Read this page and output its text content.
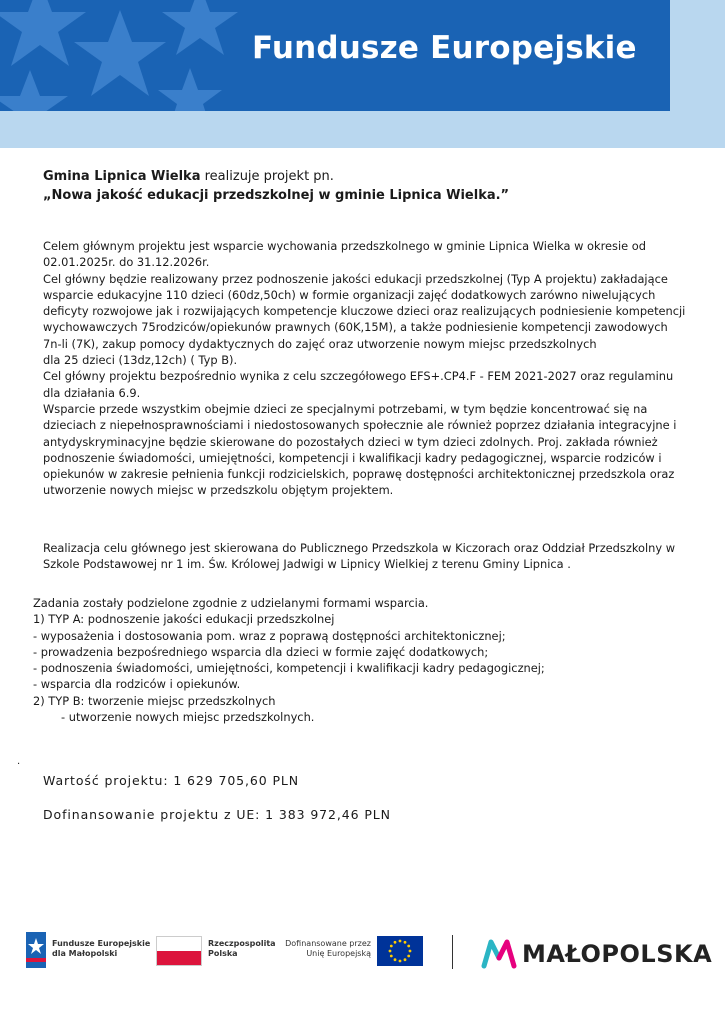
Fundusze Europejskie
Gmina Lipnica Wielka realizuje projekt pn.
„Nowa jakość edukacji przedszkolnej w gminie Lipnica Wielka.”
Celem głównym projektu jest wsparcie wychowania przedszkolnego w gminie Lipnica Wielka w okresie od
02.01.2025r. do 31.12.2026r.
Cel główny będzie realizowany przez podnoszenie jakości edukacji przedszkolnej (Typ A projektu) zakładające
wsparcie edukacyjne 110 dzieci (60dz,50ch) w formie organizacji zajęć dodatkowych zarówno niwelujących
deficyty rozwojowe jak i rozwijających kompetencje kluczowe dzieci oraz realizujących podniesienie kompetencji
wychowawczych 75rodziców/opiekunów prawnych (60K,15M), a także podniesienie kompetencji zawodowych
7n-li (7K), zakup pomocy dydaktycznych do zajęć oraz utworzenie nowym miejsc przedszkolnych
dla 25 dzieci (13dz,12ch) ( Typ B).
Cel główny projektu bezpośrednio wynika z celu szczegółowego EFS+.CP4.F - FEM 2021-2027 oraz regulaminu
dla działania 6.9.
Wsparcie przede wszystkim obejmie dzieci ze specjalnymi potrzebami, w tym będzie koncentrować się na
dzieciach z niepełnosprawnościami i niedostosowanych społecznie ale również poprzez działania integracyjne i
antydyskryminacyjne będzie skierowane do pozostałych dzieci w tym dzieci zdolnych. Proj. zakłada również
podnoszenie świadomości, umiejętności, kompetencji i kwalifikacji kadry pedagogicznej, wsparcie rodziców i
opiekunów w zakresie pełnienia funkcji rodzicielskich, poprawę dostępności architektonicznej przedszkola oraz
utworzenie nowych miejsc w przedszkolu objętym projektem.
Realizacja celu głównego jest skierowana do Publicznego Przedszkola w Kiczorach oraz Oddział Przedszkolny w
Szkole Podstawowej nr 1 im. Św. Królowej Jadwigi w Lipnicy Wielkiej z terenu Gminy Lipnica .
Zadania zostały podzielone zgodnie z udzielanymi formami wsparcia.
1) TYP A: podnoszenie jakości edukacji przedszkolnej
- wyposażenia i dostosowania pom. wraz z poprawą dostępności architektonicznej;
- prowadzenia bezpośredniego wsparcia dla dzieci w formie zajęć dodatkowych;
- podnoszenia świadomości, umiejętności, kompetencji i kwalifikacji kadry pedagogicznej;
- wsparcia dla rodziców i opiekunów.
2) TYP B: tworzenie miejsc przedszkolnych
- utworzenie nowych miejsc przedszkolnych.
.
Wartość projektu: 1 629 705,60 PLN
Dofinansowanie projektu z UE: 1 383 972,46 PLN
Fundusze Europejskie
dla Małopolski
Rzeczpospolita
Polska
Dofinansowane przez
Unię Europejską	MAŁOPOLSKA
